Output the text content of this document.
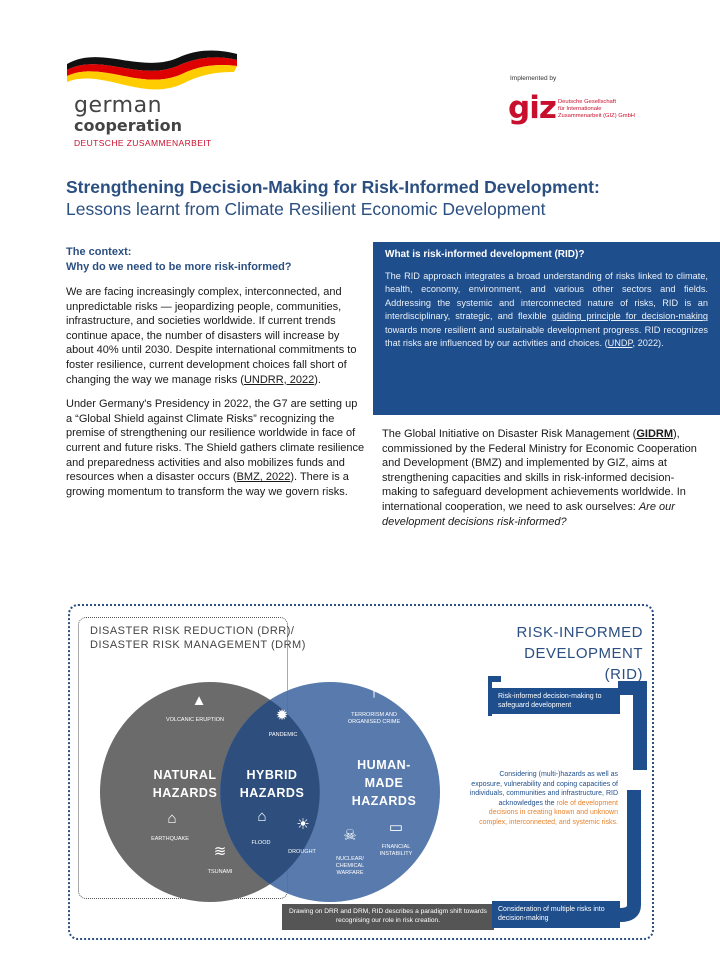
german
cooperation
DEUTSCHE ZUSAMMENARBEIT
Implemented by
giz Deutsche Gesellschaft
für Internationale
Zusammenarbeit (GIZ) GmbH
Strengthening Decision-Making for Risk-Informed Development:
Lessons learnt from Climate Resilient Economic Development
The context:
Why do we need to be more risk-informed?

We are facing increasingly complex, interconnected, and unpredictable risks — jeopardizing people, communities, infrastructure, and societies worldwide. If current trends continue apace, the number of disasters will increase by about 40% until 2030. Despite international commitments to foster resilience, current development choices fall short of changing the way we manage risks (UNDRR, 2022).

Under Germany's Presidency in 2022, the G7 are setting up a “Global Shield against Climate Risks” recognizing the premise of strengthening our resilience worldwide in face of current and future risks. The Shield gathers climate resilience and preparedness activities and also mobilizes funds and resources when a disaster occurs (BMZ, 2022). There is a growing momentum to transform the way we govern risks.

What is risk-informed development (RID)?

The RID approach integrates a broad understanding of risks linked to climate, health, economy, environment, and various other sectors and fields. Addressing the systemic and interconnected nature of risks, RID is an interdisciplinary, strategic, and flexible guiding principle for decision-making towards more resilient and sustainable development progress. RID recognizes that risks are influenced by our activities and choices. (UNDP, 2022).

The Global Initiative on Disaster Risk Management (GIDRM), commissioned by the Federal Ministry for Economic Cooperation and Development (BMZ) and implemented by GIZ, aims at strengthening capacities and skills in risk-informed decision-making to safeguard development achievements worldwide. In international cooperation, we need to ask ourselves: Are our development decisions risk-informed?
DISASTER RISK REDUCTION (DRR)/
DISASTER RISK MANAGEMENT (DRM)
RISK-INFORMED
DEVELOPMENT (RID)
NATURAL
HAZARDS
HYBRID
HAZARDS
HUMAN-
MADE
HAZARDS
▲
VOLCANIC ERUPTION
⌂
EARTHQUAKE
≋
TSUNAMI
✹
PANDEMIC
⌂
FLOOD
☀
DROUGHT
†
TERRORISM AND
ORGANISED CRIME
☠
NUCLEAR/
CHEMICAL
WARFARE
▭
FINANCIAL
INSTABILITY
Drawing on DRR and DRM, RID describes a paradigm shift towards recognising our role in risk creation.
Risk-informed decision-making to safeguard development
Considering (multi-)hazards as well as exposure, vulnerability and coping capacities of individuals, communities and infrastructure, RID acknowledges the role of development decisions in creating known and unknown complex, interconnected, and systemic risks.
Consideration of multiple risks into decision-making
